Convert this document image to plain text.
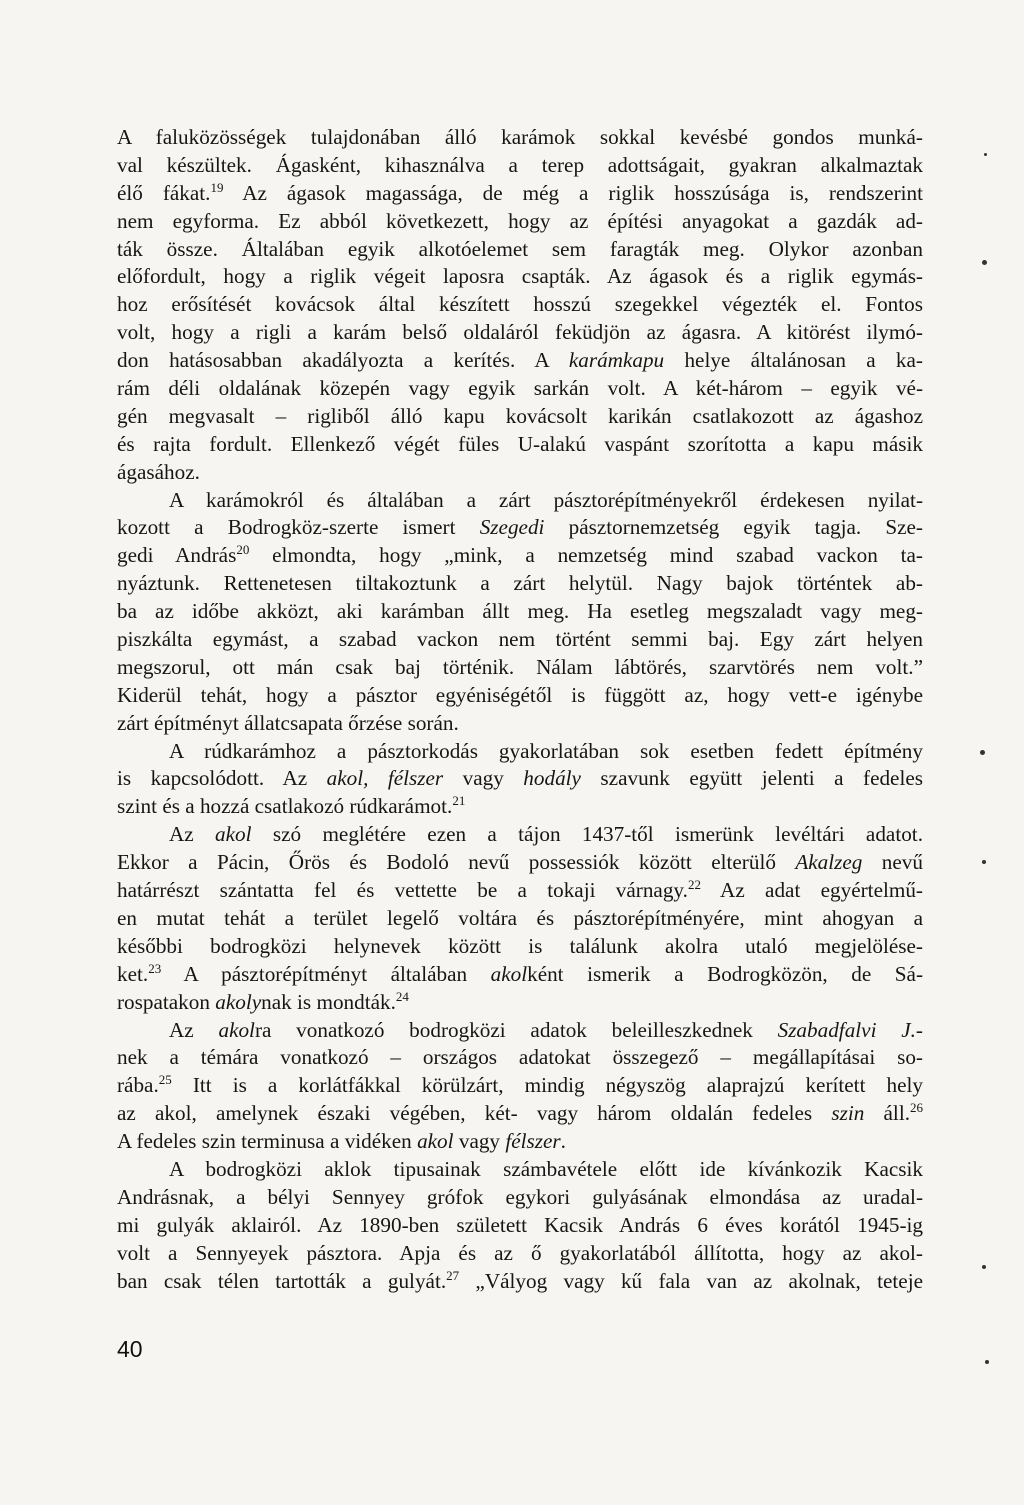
A faluközösségek tulajdonában álló karámok sokkal kevésbé gondos munká-
val készültek. Ágasként, kihasználva a terep adottságait, gyakran alkalmaztak
élő fákat.$^{19}$ Az ágasok magassága, de még a riglik hosszúsága is, rendszerint
nem egyforma. Ez abból következett, hogy az építési anyagokat a gazdák ad-
ták össze. Általában egyik alkotóelemet sem faragták meg. Olykor azonban
előfordult, hogy a riglik végeit laposra csapták. Az ágasok és a riglik egymás-
hoz erősítését kovácsok által készített hosszú szegekkel végezték el. Fontos
volt, hogy a rigli a karám belső oldaláról feküdjön az ágasra. A kitörést ilymó-
don hatásosabban akadályozta a kerítés. A karámkapu helye általánosan a ka-
rám déli oldalának közepén vagy egyik sarkán volt. A két-három – egyik vé-
gén megvasalt – rigliből álló kapu kovácsolt karikán csatlakozott az ágashoz
és rajta fordult. Ellenkező végét füles U-alakú vaspánt szorította a kapu másik
ágasához.
A karámokról és általában a zárt pásztorépítményekről érdekesen nyilat-
kozott a Bodrogköz-szerte ismert Szegedi pásztornemzetség egyik tagja. Sze-
gedi András$^{20}$ elmondta, hogy „mink, a nemzetség mind szabad vackon ta-
nyáztunk. Rettenetesen tiltakoztunk a zárt helytül. Nagy bajok történtek ab-
ba az időbe akközt, aki karámban állt meg. Ha esetleg megszaladt vagy meg-
piszkálta egymást, a szabad vackon nem történt semmi baj. Egy zárt helyen
megszorul, ott mán csak baj történik. Nálam lábtörés, szarvtörés nem volt.”
Kiderül tehát, hogy a pásztor egyéniségétől is függött az, hogy vett-e igénybe
zárt építményt állatcsapata őrzése során.
A rúdkarámhoz a pásztorkodás gyakorlatában sok esetben fedett építmény
is kapcsolódott. Az akol, félszer vagy hodály szavunk együtt jelenti a fedeles
szint és a hozzá csatlakozó rúdkarámot.$^{21}$
Az akol szó meglétére ezen a tájon 1437-től ismerünk levéltári adatot.
Ekkor a Pácin, Őrös és Bodoló nevű possessiók között elterülő Akalzeg nevű
határrészt szántatta fel és vettette be a tokaji várnagy.$^{22}$ Az adat egyértelmű-
en mutat tehát a terület legelő voltára és pásztorépítményére, mint ahogyan a
későbbi bodrogközi helynevek között is találunk akolra utaló megjelölése-
ket.$^{23}$ A pásztorépítményt általában akolként ismerik a Bodrogközön, de Sá-
rospatakon akolynak is mondták.$^{24}$
Az akolra vonatkozó bodrogközi adatok beleilleszkednek Szabadfalvi J.-
nek a témára vonatkozó – országos adatokat összegező – megállapításai so-
rába.$^{25}$ Itt is a korlátfákkal körülzárt, mindig négyszög alaprajzú kerített hely
az akol, amelynek északi végében, két- vagy három oldalán fedeles szin áll.$^{26}$
A fedeles szin terminusa a vidéken akol vagy félszer.
A bodrogközi aklok tipusainak számbavétele előtt ide kívánkozik Kacsik
Andrásnak, a bélyi Sennyey grófok egykori gulyásának elmondása az uradal-
mi gulyák aklairól. Az 1890-ben született Kacsik András 6 éves korától 1945-ig
volt a Sennyeyek pásztora. Apja és az ő gyakorlatából állította, hogy az akol-
ban csak télen tartották a gulyát.$^{27}$ „Vályog vagy kű fala van az akolnak, teteje
40
